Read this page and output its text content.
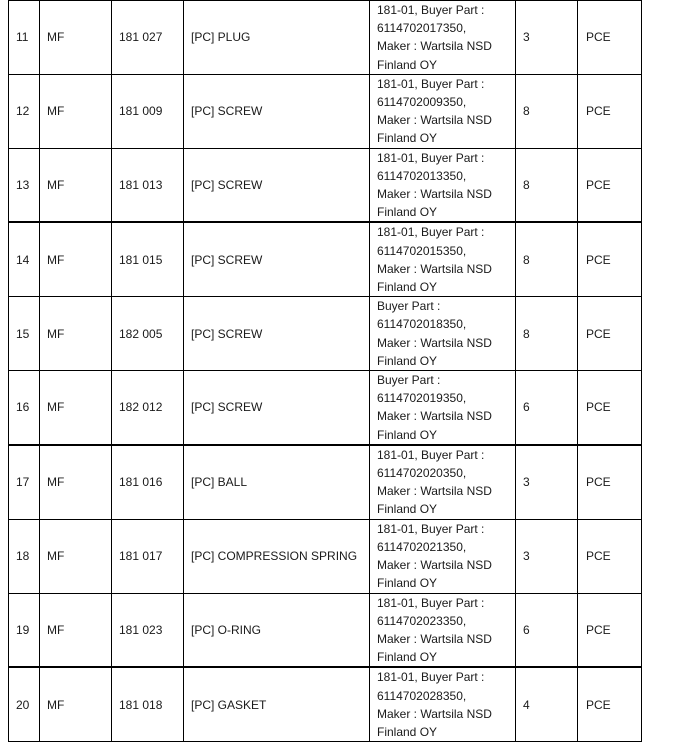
11	MF	181 027	[PC] PLUG	181-01, Buyer Part :
6114702017350,
Maker : Wartsila NSD
Finland OY	3	PCE
12	MF	181 009	[PC] SCREW	181-01, Buyer Part :
6114702009350,
Maker : Wartsila NSD
Finland OY	8	PCE
13	MF	181 013	[PC] SCREW	181-01, Buyer Part :
6114702013350,
Maker : Wartsila NSD
Finland OY	8	PCE
14	MF	181 015	[PC] SCREW	181-01, Buyer Part :
6114702015350,
Maker : Wartsila NSD
Finland OY	8	PCE
15	MF	182 005	[PC] SCREW	Buyer Part :
6114702018350,
Maker : Wartsila NSD
Finland OY	8	PCE
16	MF	182 012	[PC] SCREW	Buyer Part :
6114702019350,
Maker : Wartsila NSD
Finland OY	6	PCE
17	MF	181 016	[PC] BALL	181-01, Buyer Part :
6114702020350,
Maker : Wartsila NSD
Finland OY	3	PCE
18	MF	181 017	[PC] COMPRESSION SPRING	181-01, Buyer Part :
6114702021350,
Maker : Wartsila NSD
Finland OY	3	PCE
19	MF	181 023	[PC] O-RING	181-01, Buyer Part :
6114702023350,
Maker : Wartsila NSD
Finland OY	6	PCE
20	MF	181 018	[PC] GASKET	181-01, Buyer Part :
6114702028350,
Maker : Wartsila NSD
Finland OY	4	PCE
